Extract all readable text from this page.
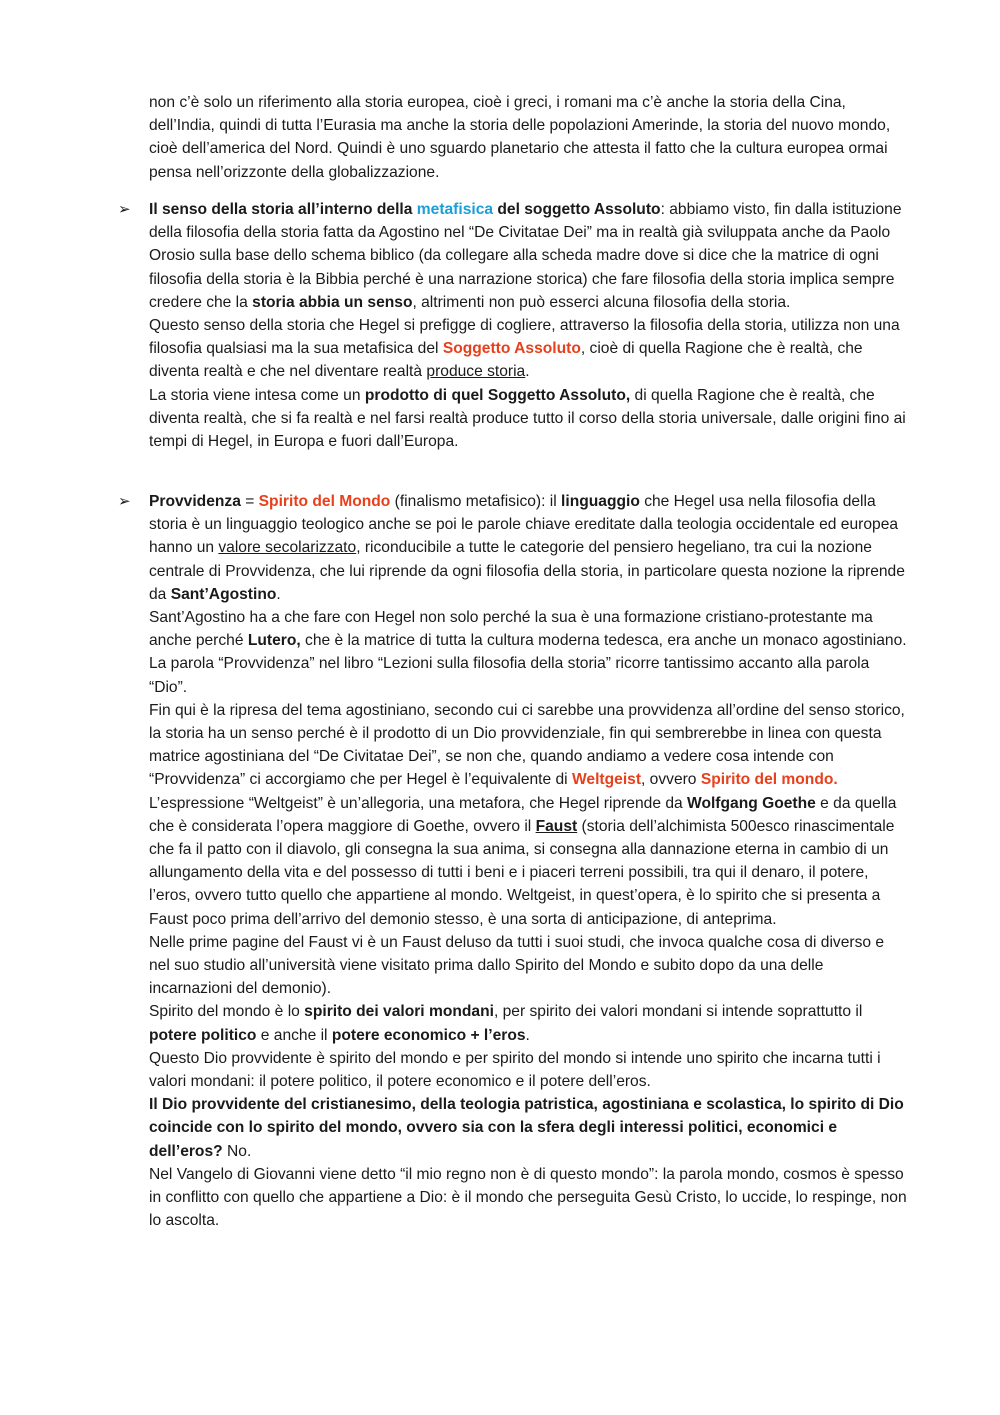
non c’è solo un riferimento alla storia europea, cioè i greci, i romani ma c’è anche la storia della Cina, dell’India, quindi di tutta l’Eurasia ma anche la storia delle popolazioni Amerinde, la storia del nuovo mondo, cioè dell’america del Nord. Quindi è uno sguardo planetario che attesta il fatto che la cultura europea ormai pensa nell’orizzonte della globalizzazione.

➢ Il senso della storia all’interno della metafisica del soggetto Assoluto: abbiamo visto, fin dalla istituzione della filosofia della storia fatta da Agostino nel “De Civitatae Dei” ma in realtà già sviluppata anche da Paolo Orosio sulla base dello schema biblico (da collegare alla scheda madre dove si dice che la matrice di ogni filosofia della storia è la Bibbia perché è una narrazione storica) che fare filosofia della storia implica sempre credere che la storia abbia un senso, altrimenti non può esserci alcuna filosofia della storia.

Questo senso della storia che Hegel si prefigge di cogliere, attraverso la filosofia della storia, utilizza non una filosofia qualsiasi ma la sua metafisica del Soggetto Assoluto, cioè di quella Ragione che è realtà, che diventa realtà e che nel diventare realtà produce storia.

La storia viene intesa come un prodotto di quel Soggetto Assoluto, di quella Ragione che è realtà, che diventa realtà, che si fa realtà e nel farsi realtà produce tutto il corso della storia universale, dalle origini fino ai tempi di Hegel, in Europa e fuori dall’Europa.

➢ Provvidenza = Spirito del Mondo (finalismo metafisico): il linguaggio che Hegel usa nella filosofia della storia è un linguaggio teologico anche se poi le parole chiave ereditate dalla teologia occidentale ed europea hanno un valore secolarizzato, riconducibile a tutte le categorie del pensiero hegeliano, tra cui la nozione centrale di Provvidenza, che lui riprende da ogni filosofia della storia, in particolare questa nozione la riprende da Sant’Agostino.

Sant’Agostino ha a che fare con Hegel non solo perché la sua è una formazione cristiano-protestante ma anche perché Lutero, che è la matrice di tutta la cultura moderna tedesca, era anche un monaco agostiniano.

La parola “Provvidenza” nel libro “Lezioni sulla filosofia della storia” ricorre tantissimo accanto alla parola “Dio”.

Fin qui è la ripresa del tema agostiniano, secondo cui ci sarebbe una provvidenza all’ordine del senso storico, la storia ha un senso perché è il prodotto di un Dio provvidenziale, fin qui sembrerebbe in linea con questa matrice agostiniana del “De Civitatae Dei”, se non che, quando andiamo a vedere cosa intende con “Provvidenza” ci accorgiamo che per Hegel è l’equivalente di Weltgeist, ovvero Spirito del mondo.

L’espressione “Weltgeist” è un’allegoria, una metafora, che Hegel riprende da Wolfgang Goethe e da quella che è considerata l’opera maggiore di Goethe, ovvero il Faust (storia dell’alchimista 500esco rinascimentale che fa il patto con il diavolo, gli consegna la sua anima, si consegna alla dannazione eterna in cambio di un allungamento della vita e del possesso di tutti i beni e i piaceri terreni possibili, tra qui il denaro, il potere, l’eros, ovvero tutto quello che appartiene al mondo. Weltgeist, in quest’opera, è lo spirito che si presenta a Faust poco prima dell’arrivo del demonio stesso, è una sorta di anticipazione, di anteprima.

Nelle prime pagine del Faust vi è un Faust deluso da tutti i suoi studi, che invoca qualche cosa di diverso e nel suo studio all’università viene visitato prima dallo Spirito del Mondo e subito dopo da una delle incarnazioni del demonio).

Spirito del mondo è lo spirito dei valori mondani, per spirito dei valori mondani si intende soprattutto il potere politico e anche il potere economico + l’eros.

Questo Dio provvidente è spirito del mondo e per spirito del mondo si intende uno spirito che incarna tutti i valori mondani: il potere politico, il potere economico e il potere dell’eros.

Il Dio provvidente del cristianesimo, della teologia patristica, agostiniana e scolastica, lo spirito di Dio coincide con lo spirito del mondo, ovvero sia con la sfera degli interessi politici, economici e dell’eros? No.

Nel Vangelo di Giovanni viene detto “il mio regno non è di questo mondo”: la parola mondo, cosmos è spesso in conflitto con quello che appartiene a Dio: è il mondo che perseguita Gesù Cristo, lo uccide, lo respinge, non lo ascolta.
